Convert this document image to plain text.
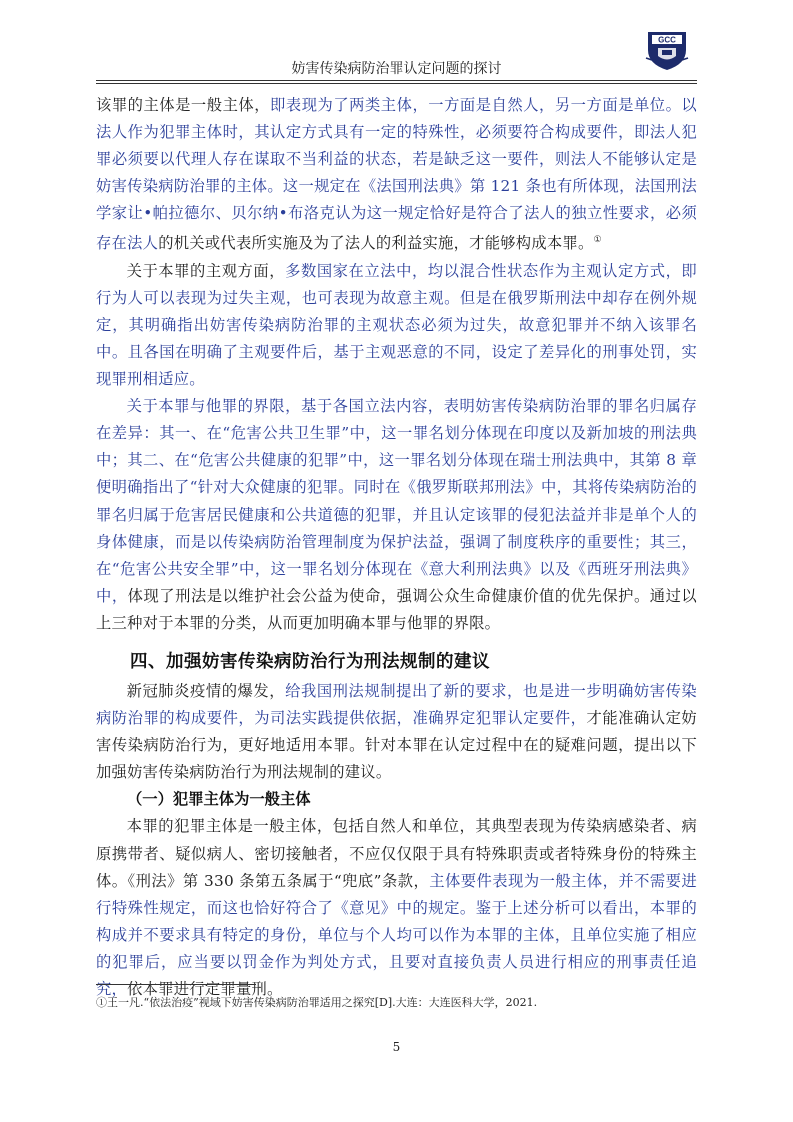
GCC
妨害传染病防治罪认定问题的探讨

该罪的主体是一般主体，即表现为了两类主体，一方面是自然人，另一方面是单位。以法人作为犯罪主体时，其认定方式具有一定的特殊性，必须要符合构成要件，即法人犯罪必须要以代理人存在谋取不当利益的状态，若是缺乏这一要件，则法人不能够认定是妨害传染病防治罪的主体。这一规定在《法国刑法典》第 121 条也有所体现，法国刑法学家让•帕拉德尔、贝尔纳•布洛克认为这一规定恰好是符合了法人的独立性要求，必须存在法人的机关或代表所实施及为了法人的利益实施，才能够构成本罪。①

关于本罪的主观方面，多数国家在立法中，均以混合性状态作为主观认定方式，即行为人可以表现为过失主观，也可表现为故意主观。但是在俄罗斯刑法中却存在例外规定，其明确指出妨害传染病防治罪的主观状态必须为过失，故意犯罪并不纳入该罪名中。且各国在明确了主观要件后，基于主观恶意的不同，设定了差异化的刑事处罚，实现罪刑相适应。

关于本罪与他罪的界限，基于各国立法内容，表明妨害传染病防治罪的罪名归属存在差异：其一、在“危害公共卫生罪”中，这一罪名划分体现在印度以及新加坡的刑法典中；其二、在“危害公共健康的犯罪”中，这一罪名划分体现在瑞士刑法典中，其第 8 章便明确指出了“针对大众健康的犯罪。同时在《俄罗斯联邦刑法》中，其将传染病防治的罪名归属于危害居民健康和公共道德的犯罪，并且认定该罪的侵犯法益并非是单个人的身体健康，而是以传染病防治管理制度为保护法益，强调了制度秩序的重要性；其三，在“危害公共安全罪”中，这一罪名划分体现在《意大利刑法典》以及《西班牙刑法典》中，体现了刑法是以维护社会公益为使命，强调公众生命健康价值的优先保护。通过以上三种对于本罪的分类，从而更加明确本罪与他罪的界限。

四、加强妨害传染病防治行为刑法规制的建议

新冠肺炎疫情的爆发，给我国刑法规制提出了新的要求，也是进一步明确妨害传染病防治罪的构成要件，为司法实践提供依据，准确界定犯罪认定要件，才能准确认定妨害传染病防治行为，更好地适用本罪。针对本罪在认定过程中在的疑难问题，提出以下加强妨害传染病防治行为刑法规制的建议。

（一）犯罪主体为一般主体

本罪的犯罪主体是一般主体，包括自然人和单位，其典型表现为传染病感染者、病原携带者、疑似病人、密切接触者，不应仅仅限于具有特殊职责或者特殊身份的特殊主体。《刑法》第 330 条第五条属于“兜底”条款，主体要件表现为一般主体，并不需要进行特殊性规定，而这也恰好符合了《意见》中的规定。鉴于上述分析可以看出，本罪的构成并不要求具有特定的身份，单位与个人均可以作为本罪的主体，且单位实施了相应的犯罪后，应当要以罚金作为判处方式，且要对直接负责人员进行相应的刑事责任追究，依本罪进行定罪量刑。

①王一凡.“依法治疫”视域下妨害传染病防治罪适用之探究[D].大连：大连医科大学，2021.
5
